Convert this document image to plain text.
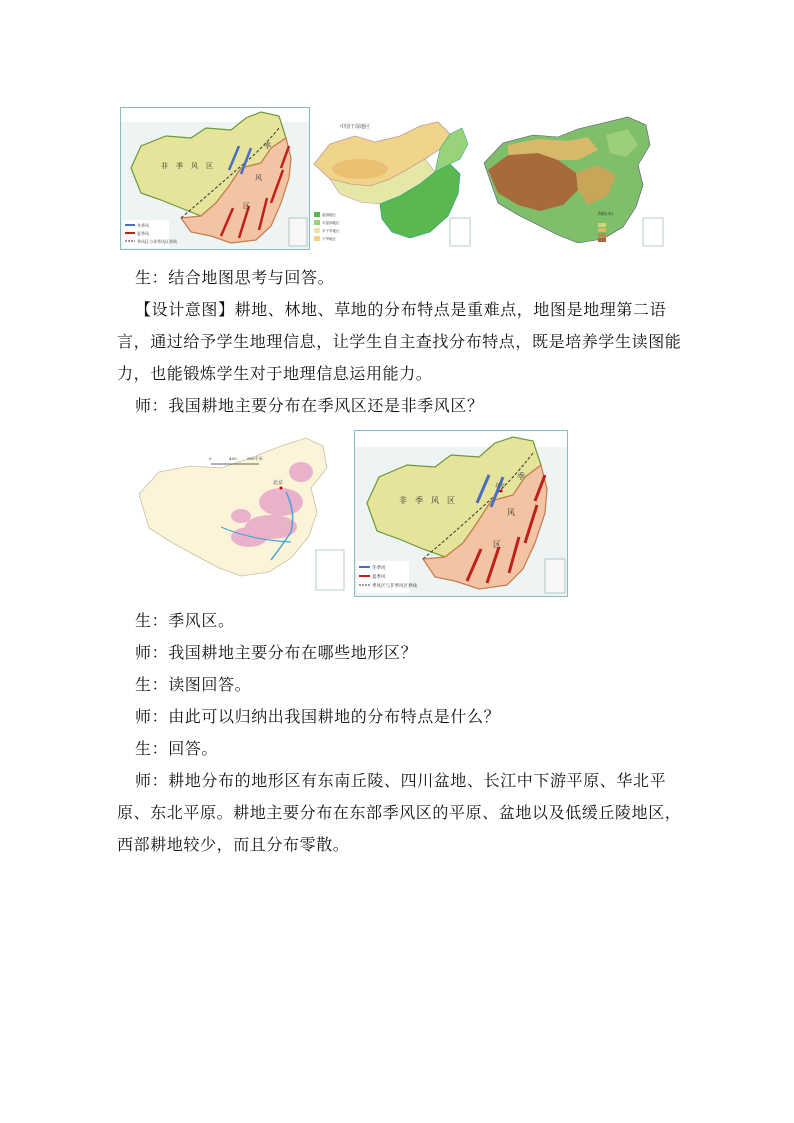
非 季 风 区
季
风
区
冬季风
夏季风
季风区与非季风区界线
中国干湿地区
湿润地区
半湿润地区
半干旱地区
干旱地区
海拔(米)

生：结合地图思考与回答。

【设计意图】耕地、林地、草地的分布特点是重难点，地图是地理第二语言，通过给予学生地理信息，让学生自主查找分布特点，既是培养学生读图能力，也能锻炼学生对于地理信息运用能力。

师：我国耕地主要分布在季风区还是非季风区？

0	450	900千米
北京	北京
非 季 风 区
季
风
区
冬季风
夏季风
季风区与非季风区界线

生：季风区。

师：我国耕地主要分布在哪些地形区？

生：读图回答。

师：由此可以归纳出我国耕地的分布特点是什么？

生：回答。

师：耕地分布的地形区有东南丘陵、四川盆地、长江中下游平原、华北平原、东北平原。耕地主要分布在东部季风区的平原、盆地以及低缓丘陵地区，西部耕地较少，而且分布零散。
